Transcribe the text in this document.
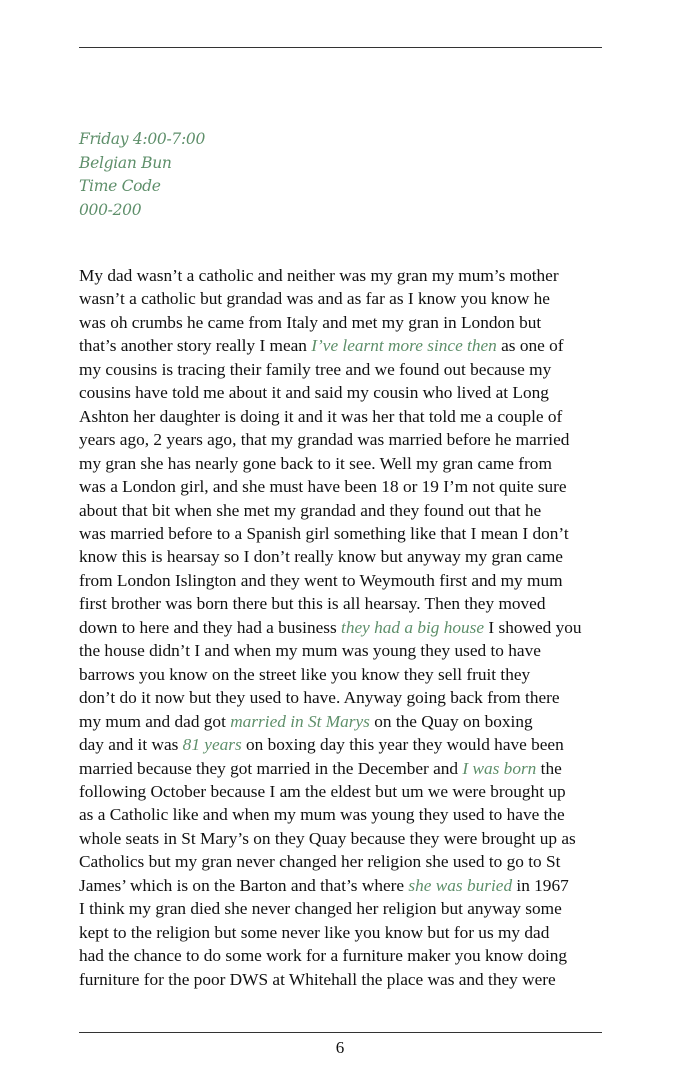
Friday 4:00-7:00
Belgian Bun
Time Code
000-200
My dad wasn’t a catholic and neither was my gran my mum’s mother
wasn’t a catholic but grandad was and as far as I know you know he
was oh crumbs he came from Italy and met my gran in London but
that’s another story really I mean I’ve learnt more since then as one of
my cousins is tracing their family tree and we found out because my
cousins have told me about it and said my cousin who lived at Long
Ashton her daughter is doing it and it was her that told me a couple of
years ago, 2 years ago, that my grandad was married before he married
my gran she has nearly gone back to it see. Well my gran came from
was a London girl, and she must have been 18 or 19 I’m not quite sure
about that bit when she met my grandad and they found out that he
was married before to a Spanish girl something like that I mean I don’t
know this is hearsay so I don’t really know but anyway my gran came
from London Islington and they went to Weymouth first and my mum
first brother was born there but this is all hearsay. Then they moved
down to here and they had a business they had a big house I showed you
the house didn’t I and when my mum was young they used to have
barrows you know on the street like you know they sell fruit they
don’t do it now but they used to have. Anyway going back from there
my mum and dad got married in St Marys on the Quay on boxing
day and it was 81 years on boxing day this year they would have been
married because they got married in the December and I was born the
following October because I am the eldest but um we were brought up
as a Catholic like and when my mum was young they used to have the
whole seats in St Mary’s on they Quay because they were brought up as
Catholics but my gran never changed her religion she used to go to St
James’ which is on the Barton and that’s where she was buried in 1967
I think my gran died she never changed her religion but anyway some
kept to the religion but some never like you know but for us my dad
had the chance to do some work for a furniture maker you know doing
furniture for the poor DWS at Whitehall the place was and they were
6
